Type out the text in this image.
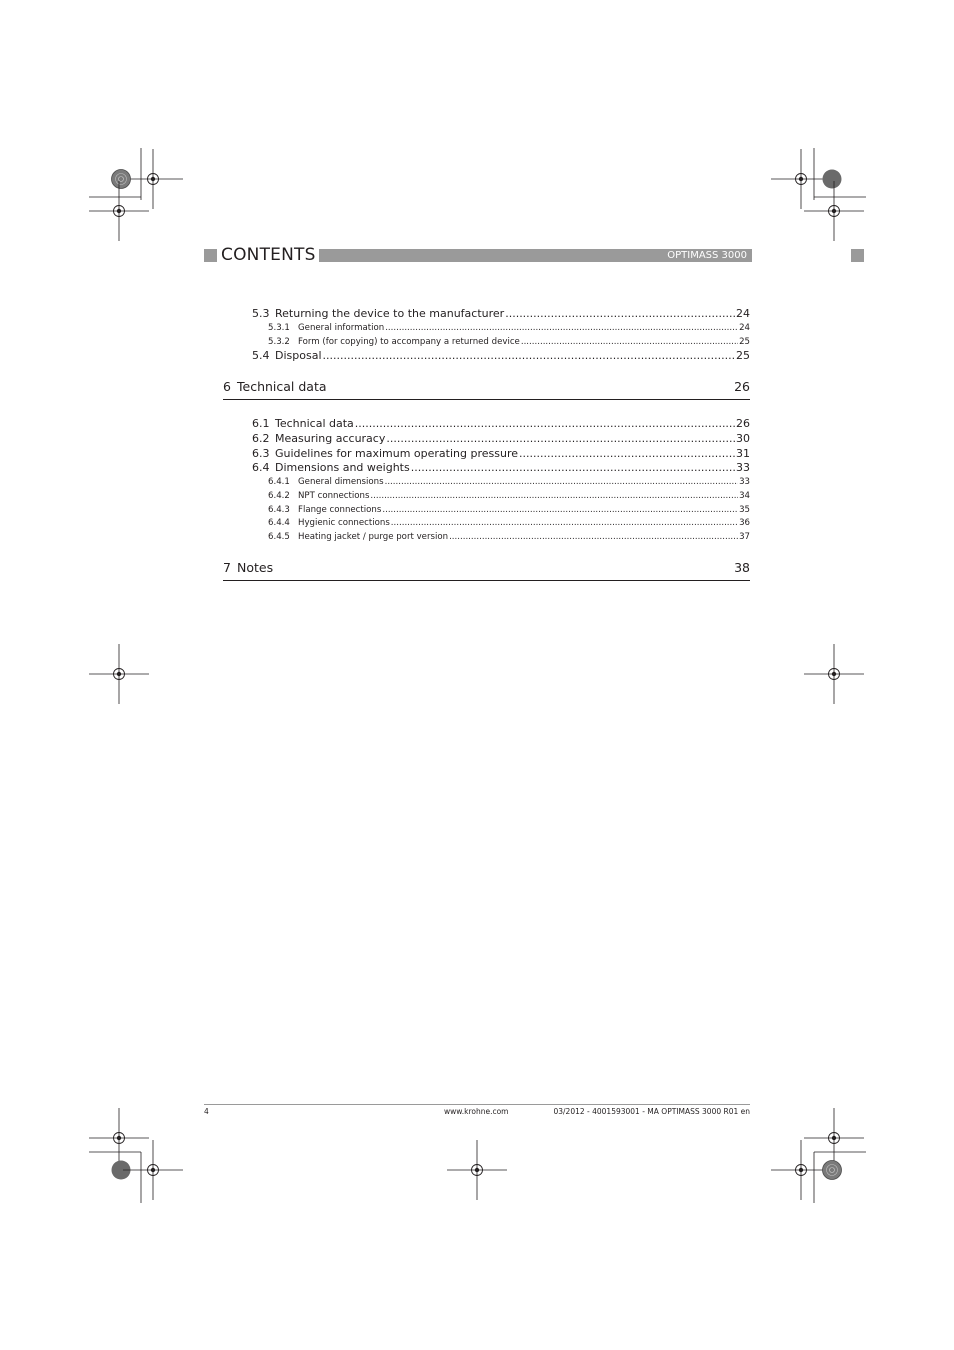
CONTENTS	OPTIMASS 3000
5.3 Returning the device to the manufacturer .....	24
5.3.1 General information .....	24
5.3.2 Form (for copying) to accompany a returned device .....	25
5.4 Disposal .....	25
6 Technical data	26
6.1 Technical data .....	26
6.2 Measuring accuracy .....	30
6.3 Guidelines for maximum operating pressure .....	31
6.4 Dimensions and weights .....	33
6.4.1 General dimensions .....	33
6.4.2 NPT connections .....	34
6.4.3 Flange connections .....	35
6.4.4 Hygienic connections .....	36
6.4.5 Heating jacket / purge port version .....	37
7 Notes	38
4	www.krohne.com	03/2012 - 4001593001 - MA OPTIMASS 3000 R01 en
